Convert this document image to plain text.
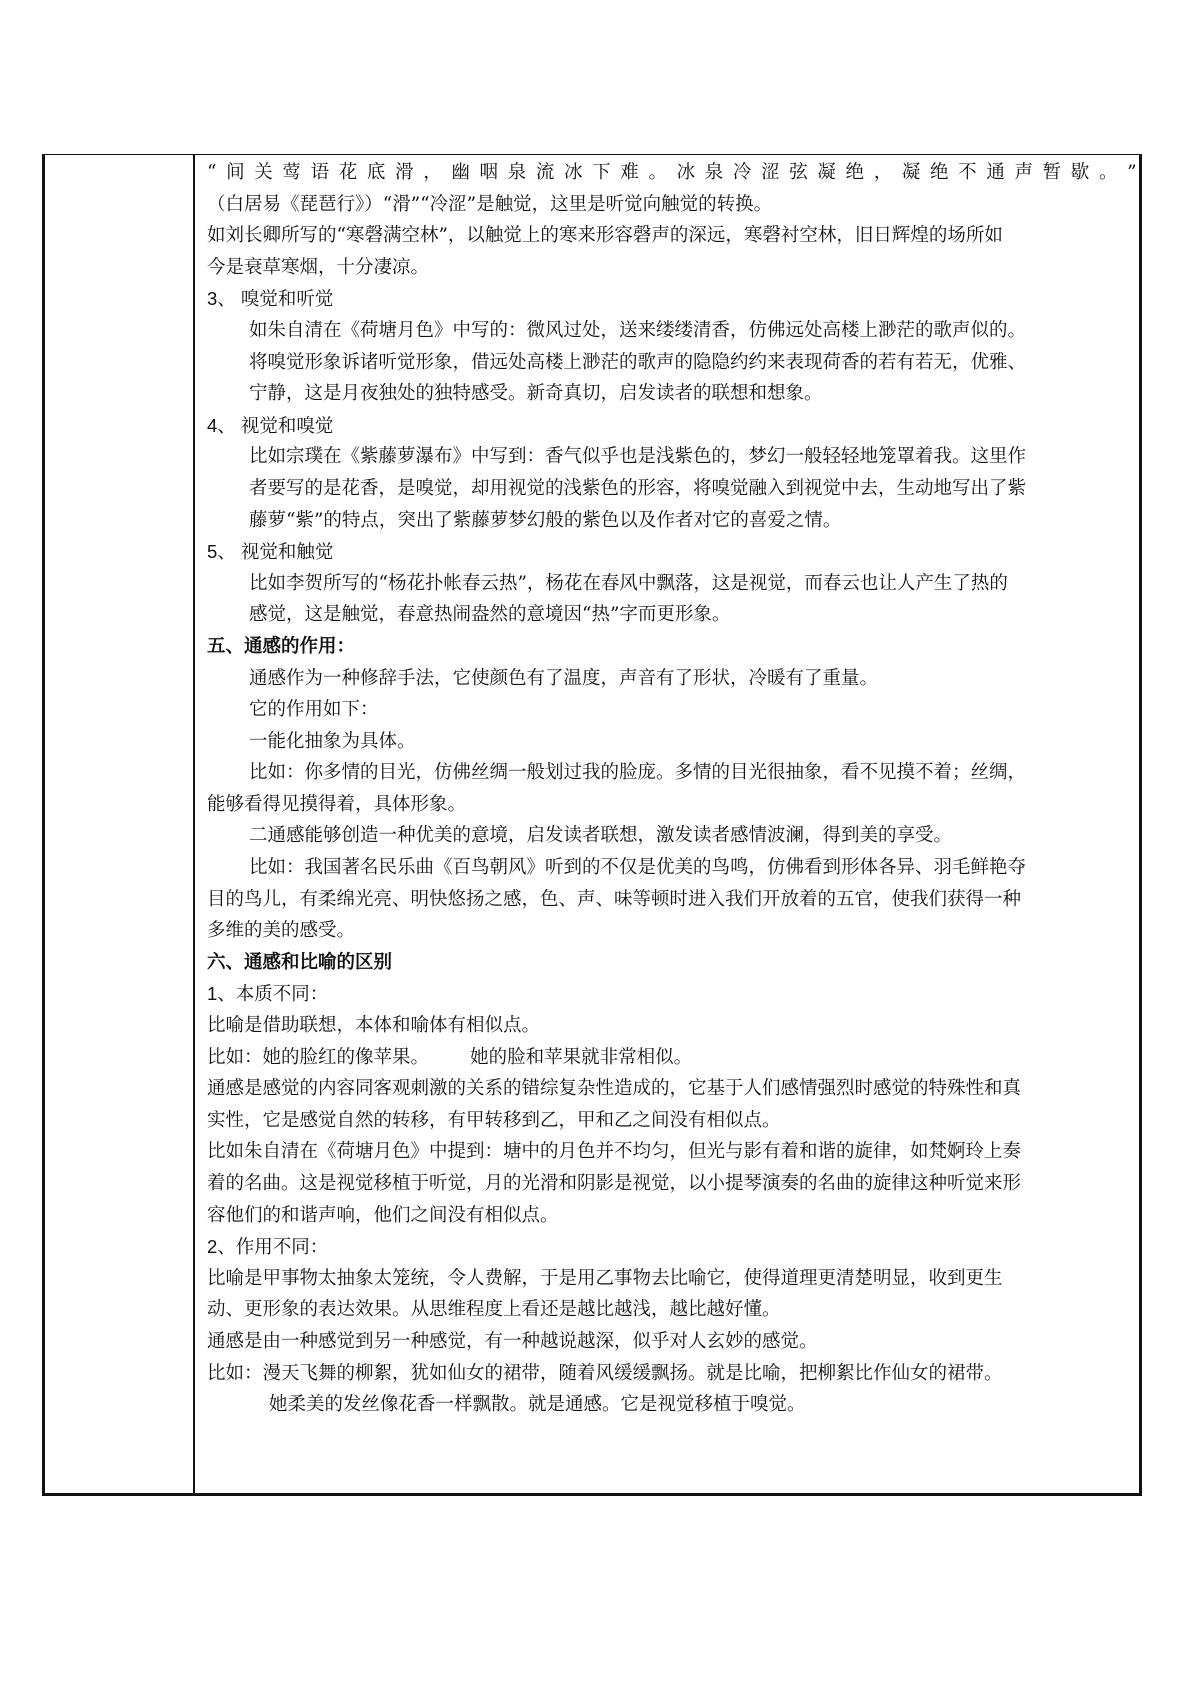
“ 间 关 莺 语 花 底 滑 ， 幽 咽 泉 流 冰 下 难 。 冰 泉 冷 涩 弦 凝 绝 ， 凝 绝 不 通 声 暂 歇 。 ”
（白居易《琵琶行》）“滑”“冷涩”是触觉，这里是听觉向触觉的转换。
如刘长卿所写的“寒磬满空林”，以触觉上的寒来形容磬声的深远，寒磬衬空林，旧日辉煌的场所如
今是衰草寒烟，十分凄凉。
3、 嗅觉和听觉
如朱自清在《荷塘月色》中写的：微风过处，送来缕缕清香，仿佛远处高楼上渺茫的歌声似的。
将嗅觉形象诉诸听觉形象，借远处高楼上渺茫的歌声的隐隐约约来表现荷香的若有若无，优雅、
宁静，这是月夜独处的独特感受。新奇真切，启发读者的联想和想象。
4、 视觉和嗅觉
比如宗璞在《紫藤萝瀑布》中写到：香气似乎也是浅紫色的，梦幻一般轻轻地笼罩着我。这里作
者要写的是花香，是嗅觉，却用视觉的浅紫色的形容，将嗅觉融入到视觉中去，生动地写出了紫
藤萝“紫”的特点，突出了紫藤萝梦幻般的紫色以及作者对它的喜爱之情。
5、 视觉和触觉
比如李贺所写的“杨花扑帐春云热”，杨花在春风中飘落，这是视觉，而春云也让人产生了热的
感觉，这是触觉，春意热闹盎然的意境因“热”字而更形象。
五、通感的作用：
通感作为一种修辞手法，它使颜色有了温度，声音有了形状，冷暖有了重量。
它的作用如下：
一能化抽象为具体。
比如：你多情的目光，仿佛丝绸一般划过我的脸庞。多情的目光很抽象，看不见摸不着；丝绸，
能够看得见摸得着，具体形象。
二通感能够创造一种优美的意境，启发读者联想，激发读者感情波澜，得到美的享受。
比如：我国著名民乐曲《百鸟朝风》听到的不仅是优美的鸟鸣，仿佛看到形体各异、羽毛鲜艳夺
目的鸟儿，有柔绵光亮、明快悠扬之感，色、声、味等顿时进入我们开放着的五官，使我们获得一种
多维的美的感受。
六、通感和比喻的区别
1、本质不同：
比喻是借助联想，本体和喻体有相似点。
比如：她的脸红的像苹果。       她的脸和苹果就非常相似。
通感是感觉的内容同客观刺激的关系的错综复杂性造成的，它基于人们感情强烈时感觉的特殊性和真
实性，它是感觉自然的转移，有甲转移到乙，甲和乙之间没有相似点。
比如朱自清在《荷塘月色》中提到：塘中的月色并不均匀，但光与影有着和谐的旋律，如梵婀玲上奏
着的名曲。这是视觉移植于听觉，月的光滑和阴影是视觉，以小提琴演奏的名曲的旋律这种听觉来形
容他们的和谐声响，他们之间没有相似点。
2、作用不同：
比喻是甲事物太抽象太笼统，令人费解，于是用乙事物去比喻它，使得道理更清楚明显，收到更生
动、更形象的表达效果。从思维程度上看还是越比越浅，越比越好懂。
通感是由一种感觉到另一种感觉，有一种越说越深，似乎对人玄妙的感觉。
比如：漫天飞舞的柳絮，犹如仙女的裙带，随着风缓缓飘扬。就是比喻，把柳絮比作仙女的裙带。
她柔美的发丝像花香一样飘散。就是通感。它是视觉移植于嗅觉。
